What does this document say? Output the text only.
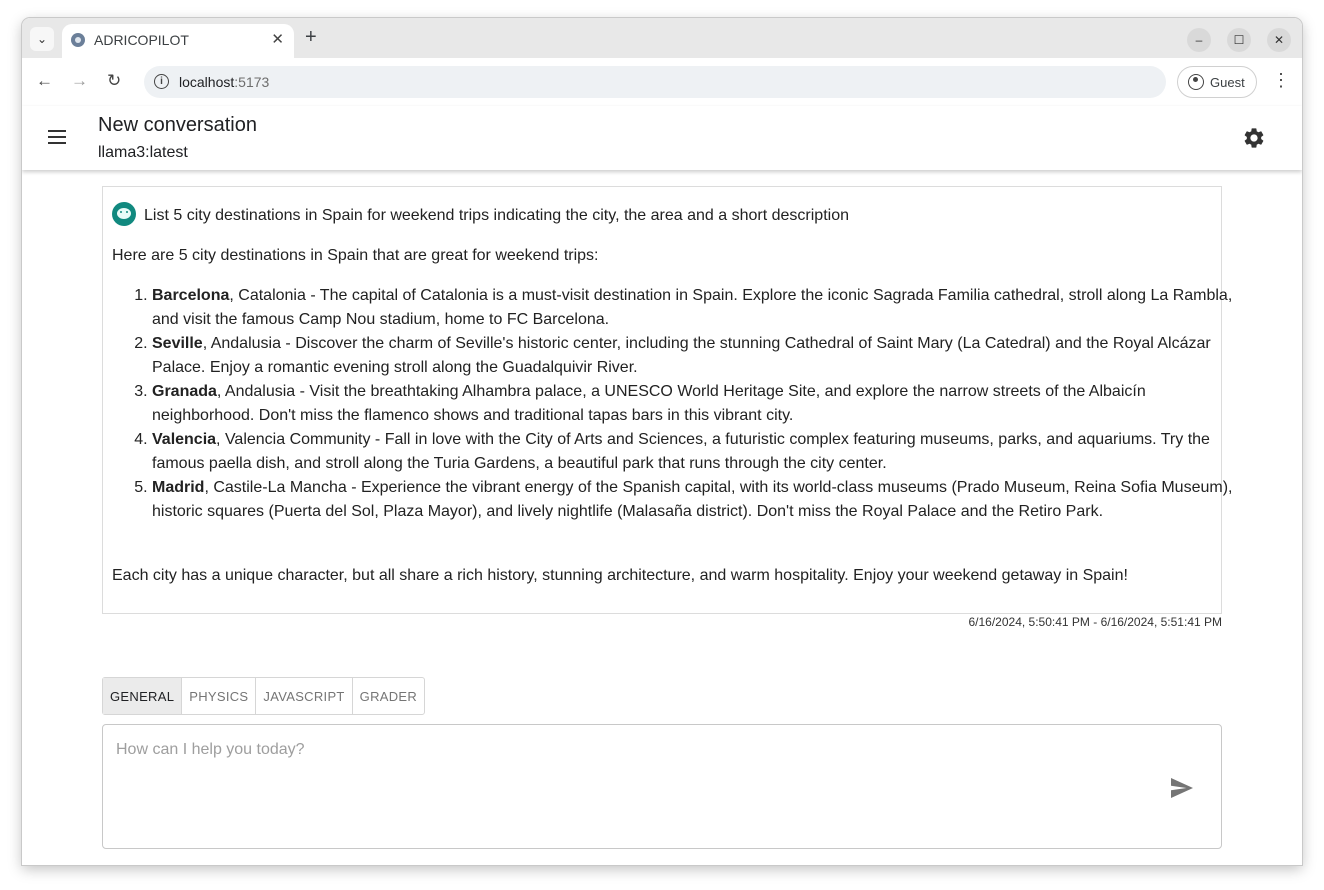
⌄	ADRICOPILOT	✕ +	–	☐	✕
← → ↻	i	localhost:5173	Guest ⋮
New conversation
llama3:latest
List 5 city destinations in Spain for weekend trips indicating the city, the area and a short description
Here are 5 city destinations in Spain that are great for weekend trips:
1. Barcelona, Catalonia - The capital of Catalonia is a must-visit destination in Spain. Explore the iconic Sagrada Familia cathedral, stroll along La Rambla, and visit the famous Camp Nou stadium, home to FC Barcelona.
2. Seville, Andalusia - Discover the charm of Seville's historic center, including the stunning Cathedral of Saint Mary (La Catedral) and the Royal Alcázar Palace. Enjoy a romantic evening stroll along the Guadalquivir River.
3. Granada, Andalusia - Visit the breathtaking Alhambra palace, a UNESCO World Heritage Site, and explore the narrow streets of the Albaicín neighborhood. Don't miss the flamenco shows and traditional tapas bars in this vibrant city.
4. Valencia, Valencia Community - Fall in love with the City of Arts and Sciences, a futuristic complex featuring museums, parks, and aquariums. Try the famous paella dish, and stroll along the Turia Gardens, a beautiful park that runs through the city center.
5. Madrid, Castile-La Mancha - Experience the vibrant energy of the Spanish capital, with its world-class museums (Prado Museum, Reina Sofia Museum), historic squares (Puerta del Sol, Plaza Mayor), and lively nightlife (Malasaña district). Don't miss the Royal Palace and the Retiro Park.
Each city has a unique character, but all share a rich history, stunning architecture, and warm hospitality. Enjoy your weekend getaway in Spain!
6/16/2024, 5:50:41 PM - 6/16/2024, 5:51:41 PM
GENERAL	PHYSICS	JAVASCRIPT	GRADER
How can I help you today?
